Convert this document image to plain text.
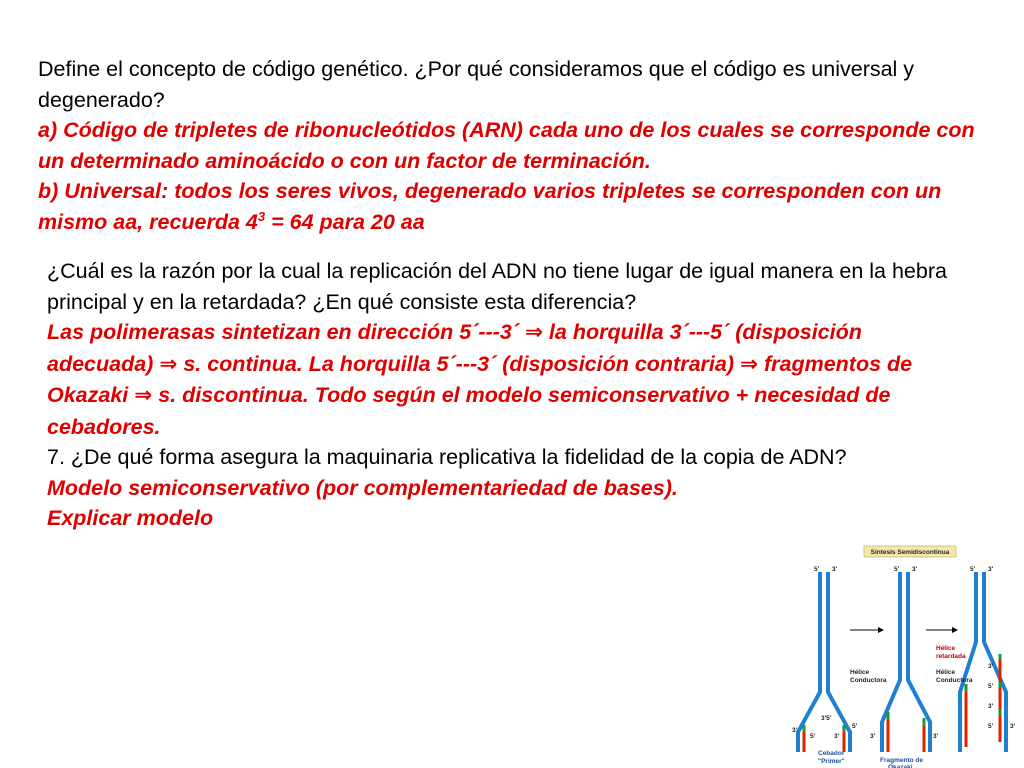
Define el concepto de código genético. ¿Por qué consideramos que el código es universal y degenerado?
a) Código de tripletes de ribonucleótidos (ARN) cada uno de los cuales se corresponde con un determinado aminoácido o con un factor de terminación.
b) Universal: todos los seres vivos, degenerado varios tripletes se corresponden con un mismo aa, recuerda $4^3 = 64$ para 20 aa
¿Cuál es la razón por la cual la replicación del ADN no tiene lugar de igual manera en la hebra principal y en la retardada? ¿En qué consiste esta diferencia?
Las polimerasas sintetizan en dirección 5´---3´ ⇒ la horquilla 3´---5´ (disposición adecuada) ⇒ s. continua. La horquilla 5´---3´ (disposición contraria) ⇒ fragmentos de Okazaki ⇒ s. discontinua. Todo según el modelo semiconservativo + necesidad de cebadores.
7. ¿De qué forma asegura la maquinaria replicativa la fidelidad de la copia de ADN?
Modelo semiconservativo (por complementariedad de bases).
Explicar modelo
Síntesis Semidiscontinua
5' 3'
3'
3'5'
5'
5'	3'
Cebador
"Primer"
5' 3'
Hélice
Conductora
3'	3'
Fragmento de
Okazaki
5' 3'
Hélice
retardada
Hélice
Conductora
3'
5'
3'
5'	3'
